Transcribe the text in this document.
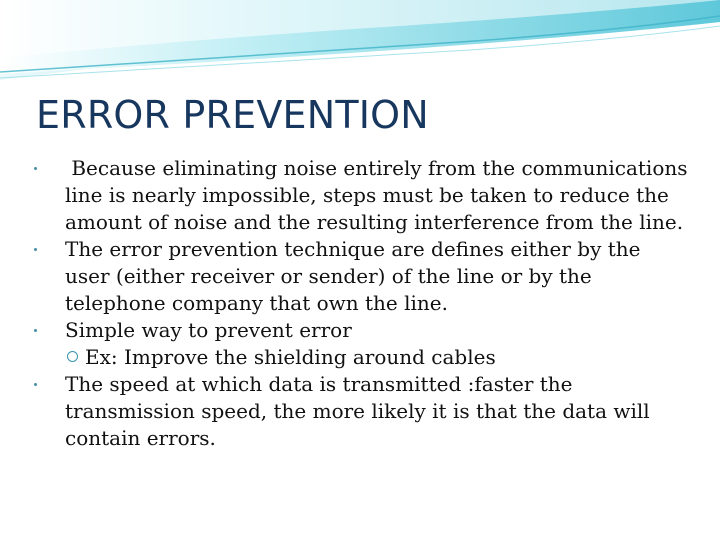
ERROR PREVENTION
Because eliminating noise entirely from the communications line is nearly impossible, steps must be taken to reduce the amount of noise and the resulting interference from the line.
The error prevention technique are defines either by the user (either receiver or sender) of the line or by the telephone company that own the line.
Simple way to prevent error
Ex: Improve the shielding around cables
The speed at which data is transmitted :faster the transmission speed, the more likely it is that the data will contain errors.
